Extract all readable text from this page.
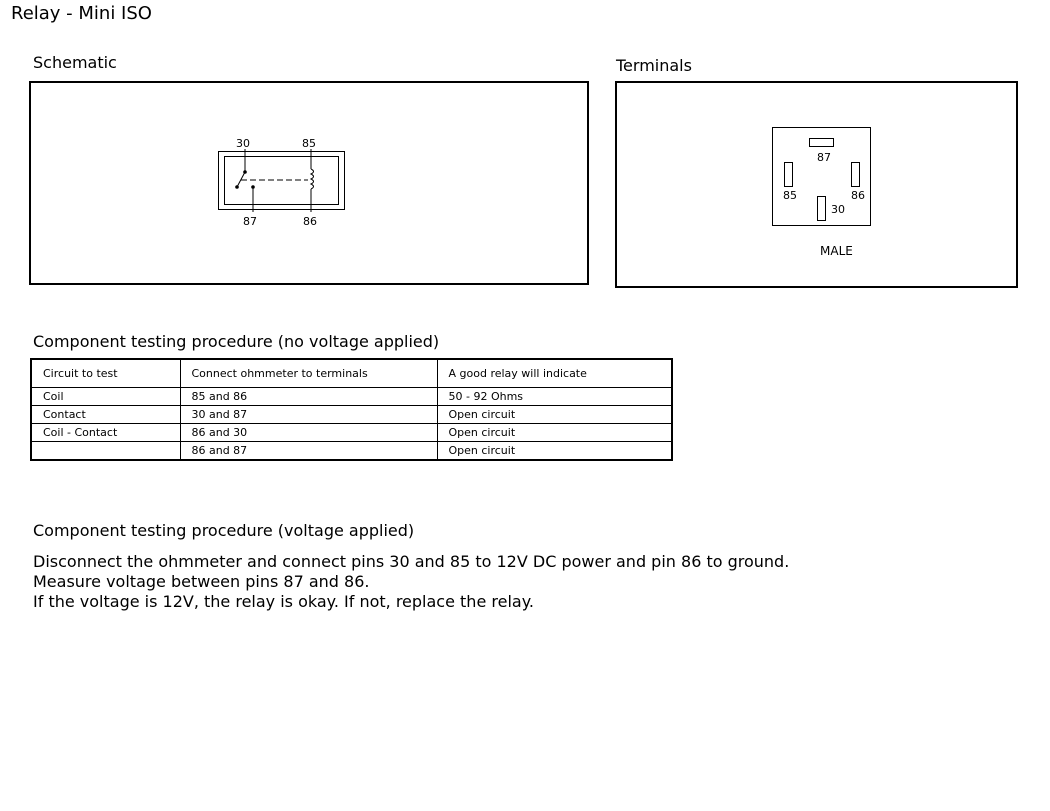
Relay - Mini ISO
Schematic
30	85
87	86
Terminals
87
85	86
30
MALE
Component testing procedure (no voltage applied)
Circuit to test	Connect ohmmeter to terminals	A good relay will indicate
Coil	85 and 86	50 - 92 Ohms
Contact	30 and 87	Open circuit
Coil - Contact	86 and 30	Open circuit
	86 and 87	Open circuit
Component testing procedure (voltage applied)
Disconnect the ohmmeter and connect pins 30 and 85 to 12V DC power and pin 86 to ground.
Measure voltage between pins 87 and 86.
If the voltage is 12V, the relay is okay. If not, replace the relay.
